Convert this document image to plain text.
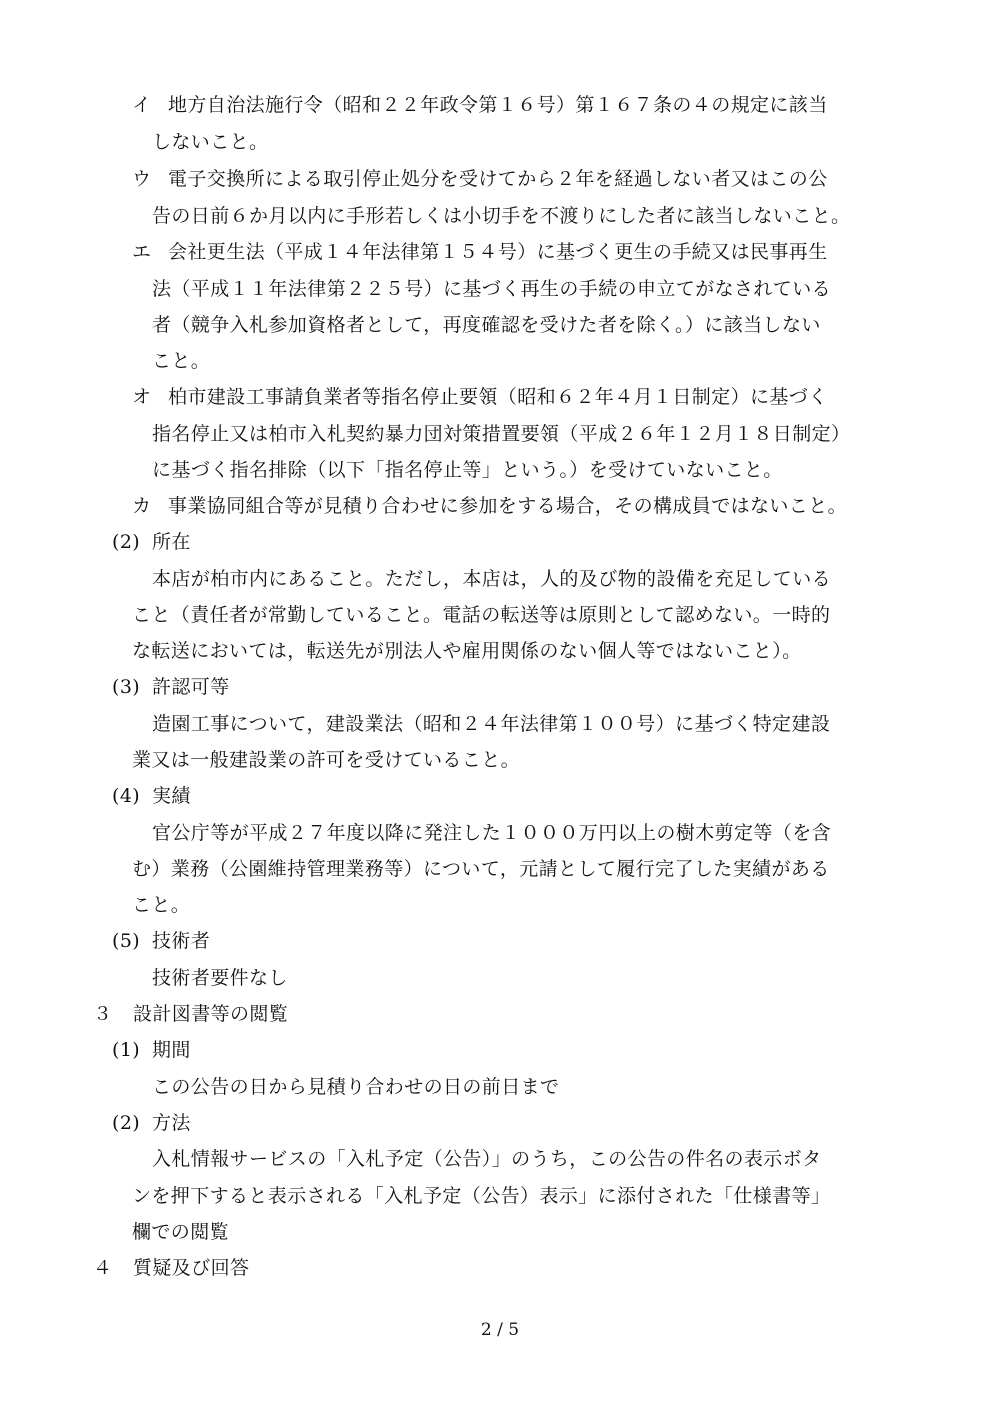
イ 地方自治法施行令（昭和２２年政令第１６号）第１６７条の４の規定に該当
しないこと。
ウ 電子交換所による取引停止処分を受けてから２年を経過しない者又はこの公
告の日前６か月以内に手形若しくは小切手を不渡りにした者に該当しないこと。
エ 会社更生法（平成１４年法律第１５４号）に基づく更生の手続又は民事再生
法（平成１１年法律第２２５号）に基づく再生の手続の申立てがなされている
者（競争入札参加資格者として，再度確認を受けた者を除く。）に該当しない
こと。
オ 柏市建設工事請負業者等指名停止要領（昭和６２年４月１日制定）に基づく
指名停止又は柏市入札契約暴力団対策措置要領（平成２６年１２月１８日制定）
に基づく指名排除（以下「指名停止等」という。）を受けていないこと。
カ 事業協同組合等が見積り合わせに参加をする場合，その構成員ではないこと。
(2) 所在
本店が柏市内にあること。ただし，本店は，人的及び物的設備を充足している
こと（責任者が常勤していること。電話の転送等は原則として認めない。一時的
な転送においては，転送先が別法人や雇用関係のない個人等ではないこと）。
(3) 許認可等
造園工事について，建設業法（昭和２４年法律第１００号）に基づく特定建設
業又は一般建設業の許可を受けていること。
(4) 実績
官公庁等が平成２７年度以降に発注した１０００万円以上の樹木剪定等（を含
む）業務（公園維持管理業務等）について，元請として履行完了した実績がある
こと。
(5) 技術者
技術者要件なし
３ 設計図書等の閲覧
(1) 期間
この公告の日から見積り合わせの日の前日まで
(2) 方法
入札情報サービスの「入札予定（公告）」のうち，この公告の件名の表示ボタ
ンを押下すると表示される「入札予定（公告）表示」に添付された「仕様書等」
欄での閲覧
４ 質疑及び回答
2 / 5
